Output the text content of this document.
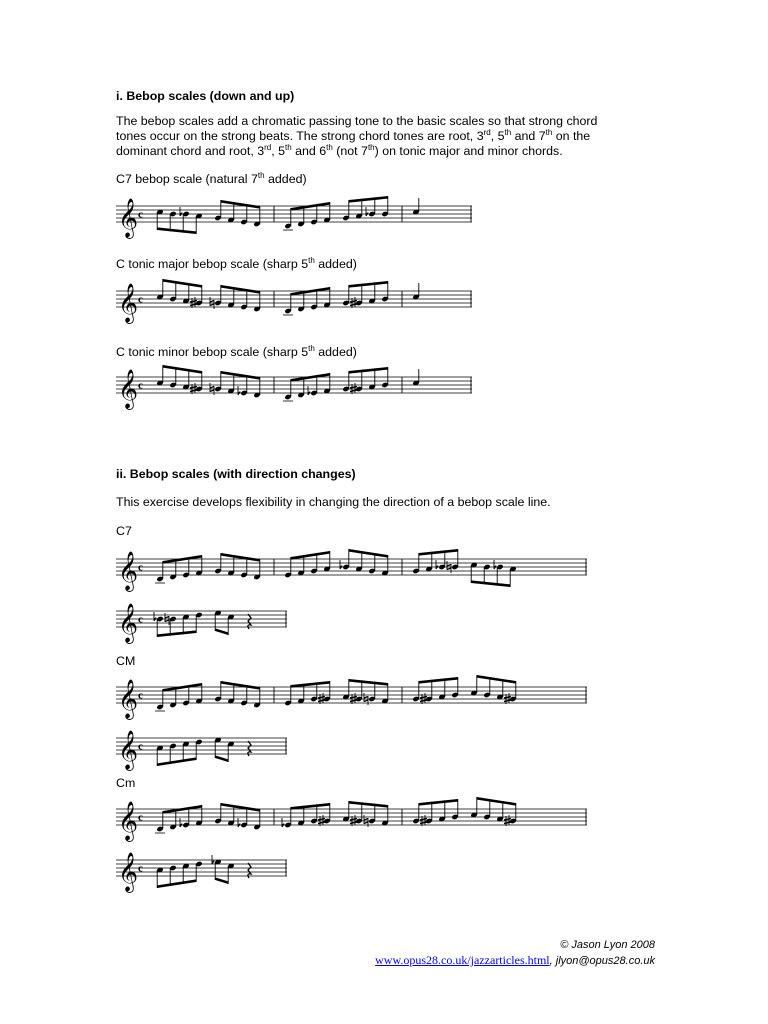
i. Bebop scales (down and up)

The bebop scales add a chromatic passing tone to the basic scales so that strong chord

tones occur on the strong beats. The strong chord tones are root, 3rd, 5th and 7th on the

dominant chord and root, 3rd, 5th and 6th (not 7th) on tonic major and minor chords.

C7 bebop scale (natural 7th added)

𝄞 c

C tonic major bebop scale (sharp 5th added)

𝄞 c

C tonic minor bebop scale (sharp 5th added)

𝄞 c

ii. Bebop scales (with direction changes)

This exercise develops flexibility in changing the direction of a bebop scale line.

C7

𝄞 c
𝄞 c

CM

𝄞 c
𝄞 c

Cm

𝄞 c
𝄞 c
© Jason Lyon 2008
www.opus28.co.uk/jazzarticles.html, jlyon@opus28.co.uk
